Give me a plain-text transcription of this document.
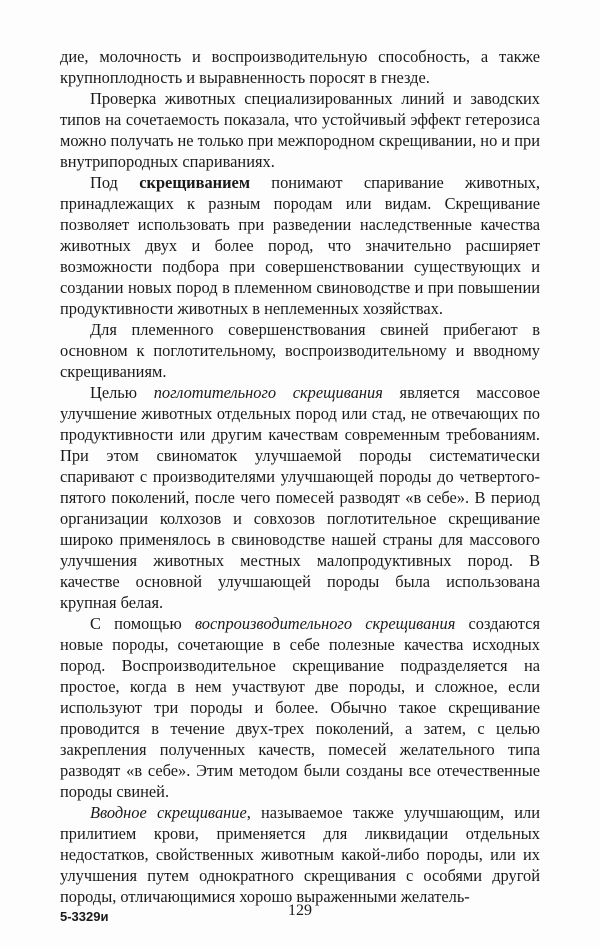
дие, молочность и воспроизводительную способность, а также крупноплодность и выравненность поросят в гнезде.

Проверка животных специализированных линий и заводских типов на сочетаемость показала, что устойчивый эффект гетерозиса можно получать не только при межпородном скрещивании, но и при внутрипородных спариваниях.

Под скрещиванием понимают спаривание животных, принадлежащих к разным породам или видам. Скрещивание позволяет использовать при разведении наследственные качества животных двух и более пород, что значительно расширяет возможности подбора при совершенствовании существующих и создании новых пород в племенном свиноводстве и при повышении продуктивности животных в неплеменных хозяйствах.

Для племенного совершенствования свиней прибегают в основном к поглотительному, воспроизводительному и вводному скрещиваниям.

Целью поглотительного скрещивания является массовое улучшение животных отдельных пород или стад, не отвечающих по продуктивности или другим качествам современным требованиям. При этом свиноматок улучшаемой породы систематически спаривают с производителями улучшающей породы до четвертого-пятого поколений, после чего помесей разводят «в себе». В период организации колхозов и совхозов поглотительное скрещивание широко применялось в свиноводстве нашей страны для массового улучшения животных местных малопродуктивных пород. В качестве основной улучшающей породы была использована крупная белая.

С помощью воспроизводительного скрещивания создаются новые породы, сочетающие в себе полезные качества исходных пород. Воспроизводительное скрещивание подразделяется на простое, когда в нем участвуют две породы, и сложное, если используют три породы и более. Обычно такое скрещивание проводится в течение двух-трех поколений, а затем, с целью закрепления полученных качеств, помесей желательного типа разводят «в себе». Этим методом были созданы все отечественные породы свиней.

Вводное скрещивание, называемое также улучшающим, или прилитием крови, применяется для ликвидации отдельных недостатков, свойственных животным какой-либо породы, или их улучшения путем однократного скрещивания с особями другой породы, отличающимися хорошо выраженными желатель-

5-3329и	129
